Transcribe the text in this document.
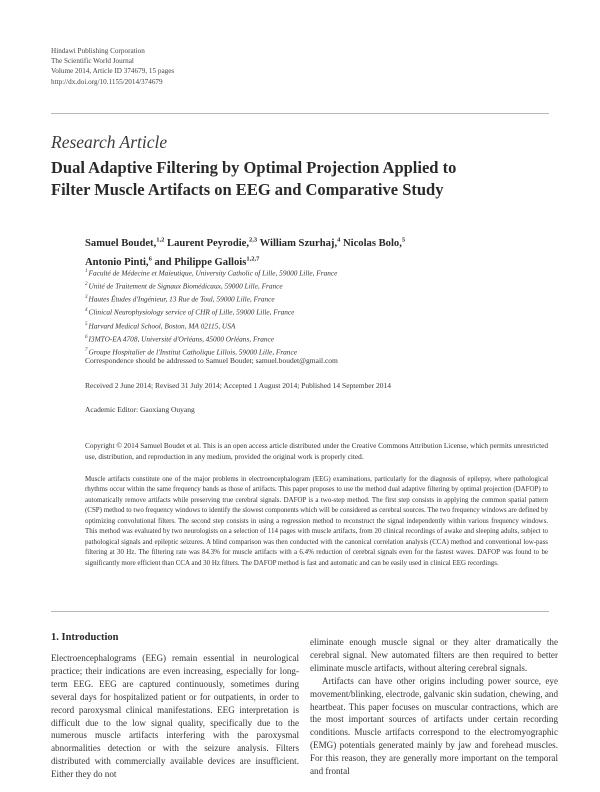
Hindawi Publishing Corporation
The Scientific World Journal
Volume 2014, Article ID 374679, 15 pages
http://dx.doi.org/10.1155/2014/374679
Research Article
Dual Adaptive Filtering by Optimal Projection Applied to
Filter Muscle Artifacts on EEG and Comparative Study
Samuel Boudet,$^{1,2}$ Laurent Peyrodie,$^{2,3}$ William Szurhaj,$^4$ Nicolas Bolo,$^5$
Antonio Pinti,$^6$ and Philippe Gallois$^{1,2,7}$
$^1$Faculté de Médecine et Maïeutique, University Catholic of Lille, 59000 Lille, France
$^2$Unité de Traitement de Signaux Biomédicaux, 59000 Lille, France
$^3$Hautes Études d'Ingénieur, 13 Rue de Toul, 59000 Lille, France
$^4$Clinical Neurophysiology service of CHR of Lille, 59000 Lille, France
$^5$Harvard Medical School, Boston, MA 02115, USA
$^6$I3MTO-EA 4708, Université d'Orléans, 45000 Orléans, France
$^7$Groupe Hospitalier de l'Institut Catholique Lillois, 59000 Lille, France
Correspondence should be addressed to Samuel Boudet; samuel.boudet@gmail.com
Received 2 June 2014; Revised 31 July 2014; Accepted 1 August 2014; Published 14 September 2014
Academic Editor: Gaoxiang Ouyang
Copyright © 2014 Samuel Boudet et al. This is an open access article distributed under the Creative Commons Attribution License, which permits unrestricted use, distribution, and reproduction in any medium, provided the original work is properly cited.
Muscle artifacts constitute one of the major problems in electroencephalogram (EEG) examinations, particularly for the diagnosis of epilepsy, where pathological rhythms occur within the same frequency bands as those of artifacts. This paper proposes to use the method dual adaptive filtering by optimal projection (DAFOP) to automatically remove artifacts while preserving true cerebral signals. DAFOP is a two-step method. The first step consists in applying the common spatial pattern (CSP) method to two frequency windows to identify the slowest components which will be considered as cerebral sources. The two frequency windows are defined by optimizing convolutional filters. The second step consists in using a regression method to reconstruct the signal independently within various frequency windows. This method was evaluated by two neurologists on a selection of 114 pages with muscle artifacts, from 20 clinical recordings of awake and sleeping adults, subject to pathological signals and epileptic seizures. A blind comparison was then conducted with the canonical correlation analysis (CCA) method and conventional low-pass filtering at 30 Hz. The filtering rate was 84.3% for muscle artifacts with a 6.4% reduction of cerebral signals even for the fastest waves. DAFOP was found to be significantly more efficient than CCA and 30 Hz filters. The DAFOP method is fast and automatic and can be easily used in clinical EEG recordings.
1. Introduction

Electroencephalograms (EEG) remain essential in neurological practice; their indications are even increasing, especially for long-term EEG. EEG are captured continuously, sometimes during several days for hospitalized patient or for outpatients, in order to record paroxysmal clinical manifestations. EEG interpretation is difficult due to the low signal quality, specifically due to the numerous muscle artifacts interfering with the paroxysmal abnormalities detection or with the seizure analysis. Filters distributed with commercially available devices are insufficient. Either they do not

eliminate enough muscle signal or they alter dramatically the cerebral signal. New automated filters are then required to better eliminate muscle artifacts, without altering cerebral signals.

Artifacts can have other origins including power source, eye movement/blinking, electrode, galvanic skin sudation, chewing, and heartbeat. This paper focuses on muscular contractions, which are the most important sources of artifacts under certain recording conditions. Muscle artifacts correspond to the electromyographic (EMG) potentials generated mainly by jaw and forehead muscles. For this reason, they are generally more important on the temporal and frontal
